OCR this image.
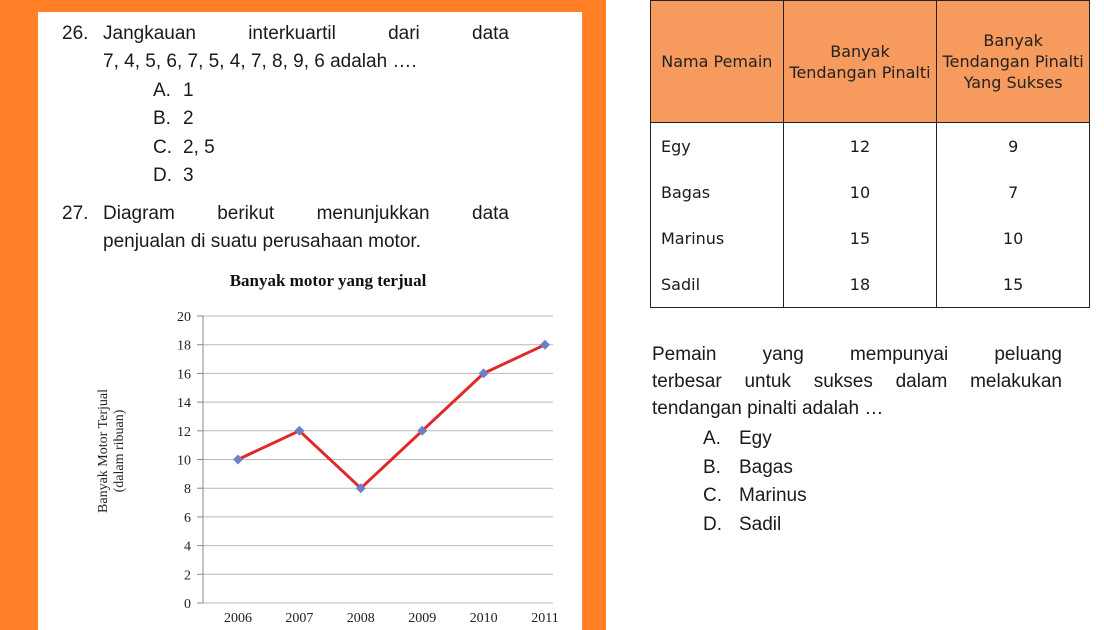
26. Jangkauan	interkuartil	dari	data
7, 4, 5, 6, 7, 5, 4, 7, 8, 9, 6 adalah ….
A. 1
B. 2
C. 2, 5
D. 3
27. Diagram berikut menunjukkan data
penjualan di suatu perusahaan motor.
Banyak motor yang terjual
0
2
4
6
8
10
12
14
16
18
20
2006 2007 2008 2009 2010 2011
Banyak Motor Terjual (dalam ribuan)
Nama Pemain	Banyak Tendangan Pinalti	Banyak Tendangan Pinalti Yang Sukses
Egy	12	9
Bagas	10	7
Marinus	15	10
Sadil	18	15
Pemain yang mempunyai peluang
terbesar untuk sukses dalam melakukan
tendangan pinalti adalah …
A. Egy
B. Bagas
C. Marinus
D. Sadil
